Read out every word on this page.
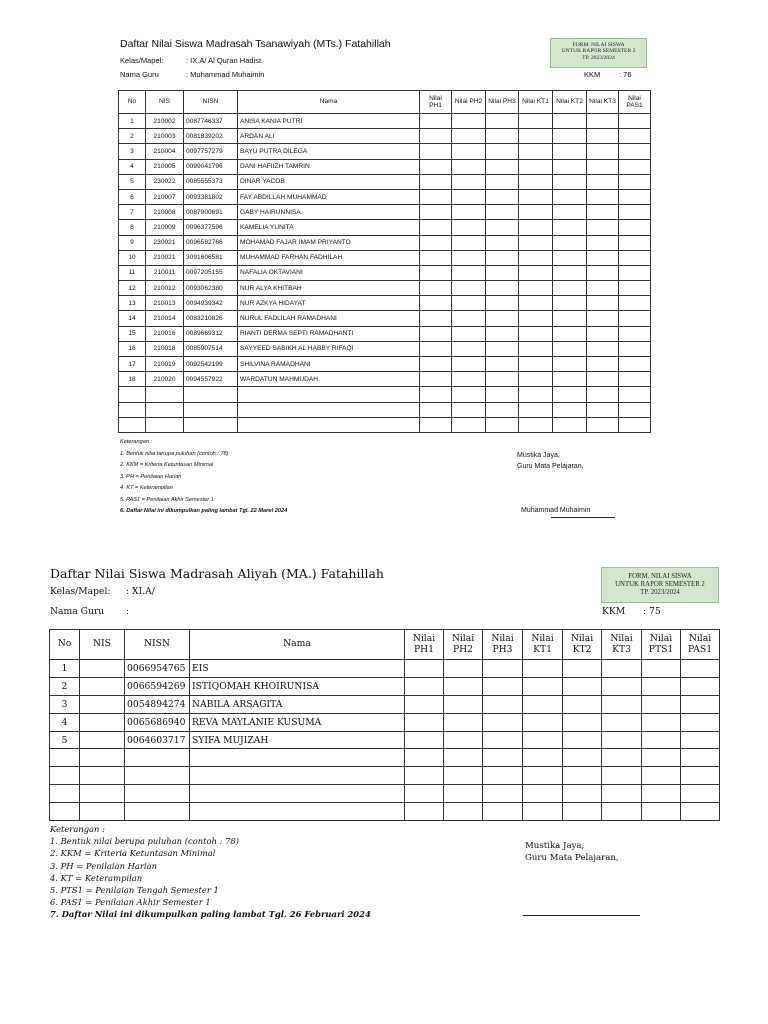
Daftar Nilai Siswa Madrasah Tsanawiyah (MTs.) Fatahillah	FORM. NILAI SISWA
UNTUK RAPOR SEMESTER 2
TP. 2023/2024
Kelas/Mapel:	: IX.A/ Al Quran Hadist
Nama Guru	: Muhammad Muhaimin	KKM : 76
No	NIS	NISN	Nama	Nilai PH1	Nilai PH2	Nilai PH3	Nilai KT1	Nilai KT2	Nilai KT3	Nilai PAS1
1	210002	0087746337	ANISA KANIA PUTRI							
2	210003	0081839202	ARDAN ALI							
3	210004	0097757279	BAYU PUTRA DILEGA							
4	210005	0099041796	DANI HAFIIZH TAMRIN							
5	230022	0085555373	DINAR YACOB							
6	210007	0093381802	FAY ABDILLAH MUHAMMAD							
7	210008	0087900691	GABY HAIRUNNISA							
8	210009	0096377596	KAMELIA YUNITA							
9	230021	0096582766	MOHAMAD FAJAR IMAM PRIYANTO							
10	210021	3091606581	MUHAMMAD FARHAN FADHILAH							
11	210011	0097205155	NAFALIA OKTAVIANI							
12	210012	0093062380	NUR ALYA KHITBAH							
13	210013	0094939342	NUR AZKYA HIDAYAT							
14	210014	0083210826	NURUL FADLILAH RAMADHANI							
15	210016	0089669312	RIANTI DERMA SEPTI RAMADHANTI							
16	210018	0085907514	SAYYEED SABIKH AL HABBY RIFAQI							
17	210019	0092542199	SHILVINA RAMADHANI							
18	210020	0094557922	WARDATUN MAHMUDAH							

Keterangan :
1. Bentuk nilai berupa puluhan (contoh : 78)
2. KKM = Kriteria Ketuntasan Minimal
3. PH = Penilaian Harian
4. KT = Keterampilan
5. PAS1 = Penilaian Akhir Semester 1
6. Daftar Nilai ini dikumpulkan paling lambat Tgl. 22 Maret 2024
Mustika Jaya,
Guru Mata Pelajaran,
Muhammad Muhaimin
Daftar Nilai Siswa Madrasah Aliyah (MA.) Fatahillah	FORM. NILAI SISWA
UNTUK RAPOR SEMESTER 2
TP. 2023/2024
Kelas/Mapel: : XI.A/
Nama Guru :	KKM : 75
No	NIS	NISN	Nama	Nilai PH1	Nilai PH2	Nilai PH3	Nilai KT1	Nilai KT2	Nilai KT3	Nilai PTS1	Nilai PAS1
1		0066954765	EIS								
2		0066594269	ISTIQOMAH KHOIRUNISA								
3		0054894274	NABILA ARSAGITA								
4		0065686940	REVA MAYLANIE KUSUMA								
5		0064603717	SYIFA MUJIZAH								

Keterangan :
1. Bentuk nilai berupa puluhan (contoh : 78)
2. KKM = Kriteria Ketuntasan Minimal
3. PH = Penilaian Harian
4. KT = Keterampilan
5. PTS1 = Penilaian Tengah Semester 1
6. PAS1 = Penilaian Akhir Semester 1
7. Daftar Nilai ini dikumpulkan paling lambat Tgl. 26 Februari 2024
Mustika Jaya,
Guru Mata Pelajaran,
